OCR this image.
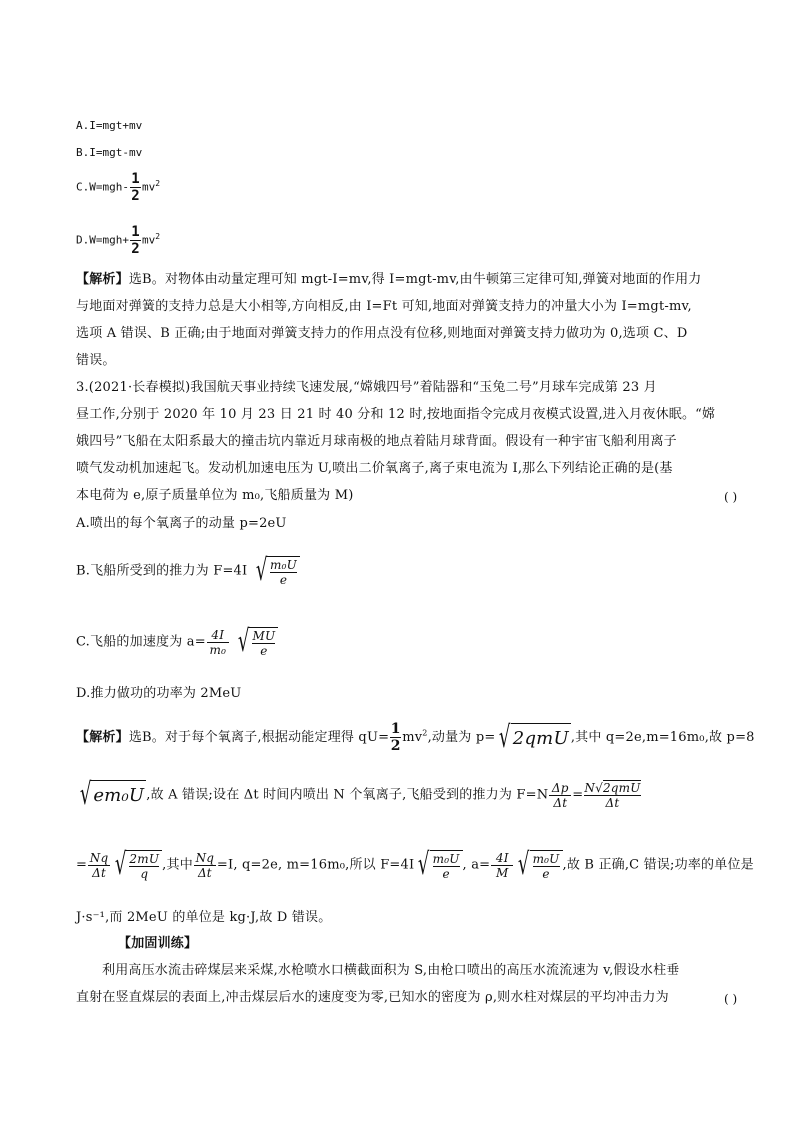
A.I=mgt+mv
B.I=mgt-mv
$C.W=mgh- \frac{1}{2} mv^2$
$D.W=mgh+ \frac{1}{2} mv^2$
【解析】选B。对物体由动量定理可知 mgt-I=mv,得 I=mgt-mv,由牛顿第三定律可知,弹簧对地面的作用力
与地面对弹簧的支持力总是大小相等,方向相反,由 I=Ft 可知,地面对弹簧支持力的冲量大小为 I=mgt-mv,
选项 A 错误、B 正确;由于地面对弹簧支持力的作用点没有位移,则地面对弹簧支持力做功为 0,选项 C、D
错误。
3.(2021·长春模拟)我国航天事业持续飞速发展,“嫦娥四号”着陆器和“玉兔二号”月球车完成第 23 月
昼工作,分别于 2020 年 10 月 23 日 21 时 40 分和 12 时,按地面指令完成月夜模式设置,进入月夜休眠。“嫦
娥四号”飞船在太阳系最大的撞击坑内靠近月球南极的地点着陆月球背面。假设有一种宇宙飞船利用离子
喷气发动机加速起飞。发动机加速电压为 U,喷出二价氧离子,离子束电流为 I,那么下列结论正确的是(基
本电荷为 e,原子质量单位为 m₀,飞船质量为 M)	( )
A.喷出的每个氧离子的动量 p=2eU
B.飞船所受到的推力为 F=4I √ $\frac{\text{m₀U}}{e}$
C.飞船的加速度为 $a= \frac{4I}{\text{m₀}}$
√ $\frac{MU}{e}$
D.推力做功的功率为 2MeU
【解析】选B。对于每个氧离子,根据动能定理得 $qU= \frac{1}{2} mv^2$,动量为 p= √ 2qmU ,其中 q=2e,m=16m₀,故 p=8
√ em₀U ,故 A 错误;设在 Δt 时间内喷出 N 个氧离子,飞船受到的推力为 $F=N \frac{\Delta p}{\Delta t} = \frac{\text{N√2qmU}}{\Delta t}$
= $\frac{Nq}{\Delta t}$ √ $\frac{2mU}{q}$ ,其中 $\frac{Nq}{\Delta t} =I$, q=2e, m=16m₀,所以 F=4I √ $\frac{\text{m₀U}}{e}$ , $a= \frac{4I}{M}$ √ $\frac{\text{m₀U}}{e}$ ,故 B 正确,C 错误;功率的单位是
J·s⁻¹,而 2MeU 的单位是 kg·J,故 D 错误。
【加固训练】
利用高压水流击碎煤层来采煤,水枪喷水口横截面积为 S,由枪口喷出的高压水流流速为 v,假设水柱垂
直射在竖直煤层的表面上,冲击煤层后水的速度变为零,已知水的密度为 ρ,则水柱对煤层的平均冲击力为	( )
